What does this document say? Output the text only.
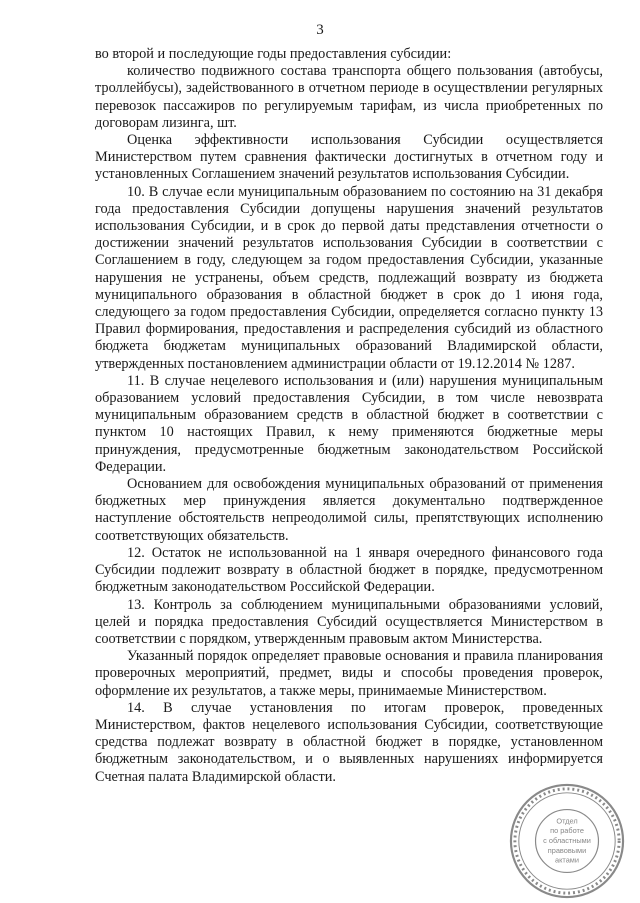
3

во второй и последующие годы предоставления субсидии:

количество подвижного состава транспорта общего пользования (автобусы, троллейбусы), задействованного в отчетном периоде в осуществлении регулярных перевозок пассажиров по регулируемым тарифам, из числа приобретенных по договорам лизинга, шт.

Оценка эффективности использования Субсидии осуществляется Министерством путем сравнения фактически достигнутых в отчетном году и установленных Соглашением значений результатов использования Субсидии.

10. В случае если муниципальным образованием по состоянию на 31 декабря года предоставления Субсидии допущены нарушения значений результатов использования Субсидии, и в срок до первой даты представления отчетности о достижении значений результатов использования Субсидии в соответствии с Соглашением в году, следующем за годом предоставления Субсидии, указанные нарушения не устранены, объем средств, подлежащий возврату из бюджета муниципального образования в областной бюджет в срок до 1 июня года, следующего за годом предоставления Субсидии, определяется согласно пункту 13 Правил формирования, предоставления и распределения субсидий из областного бюджета бюджетам муниципальных образований Владимирской области, утвержденных постановлением администрации области от 19.12.2014 № 1287.

11. В случае нецелевого использования и (или) нарушения муниципальным образованием условий предоставления Субсидии, в том числе невозврата муниципальным образованием средств в областной бюджет в соответствии с пунктом 10 настоящих Правил, к нему применяются бюджетные меры принуждения, предусмотренные бюджетным законодательством Российской Федерации.

Основанием для освобождения муниципальных образований от применения бюджетных мер принуждения является документально подтвержденное наступление обстоятельств непреодолимой силы, препятствующих исполнению соответствующих обязательств.

12. Остаток не использованной на 1 января очередного финансового года Субсидии подлежит возврату в областной бюджет в порядке, предусмотренном бюджетным законодательством Российской Федерации.

13. Контроль за соблюдением муниципальными образованиями условий, целей и порядка предоставления Субсидий осуществляется Министерством в соответствии с порядком, утвержденным правовым актом Министерства.

Указанный порядок определяет правовые основания и правила планирования проверочных мероприятий, предмет, виды и способы проведения проверок, оформление их результатов, а также меры, принимаемые Министерством.

14. В случае установления по итогам проверок, проведенных Министерством, фактов нецелевого использования Субсидии, соответствующие средства подлежат возврату в областной бюджет в порядке, установленном бюджетным законодательством, и о выявленных нарушениях информируется Счетная палата Владимирской области.

Отдел
по работе
с областными
правовыми
актами
